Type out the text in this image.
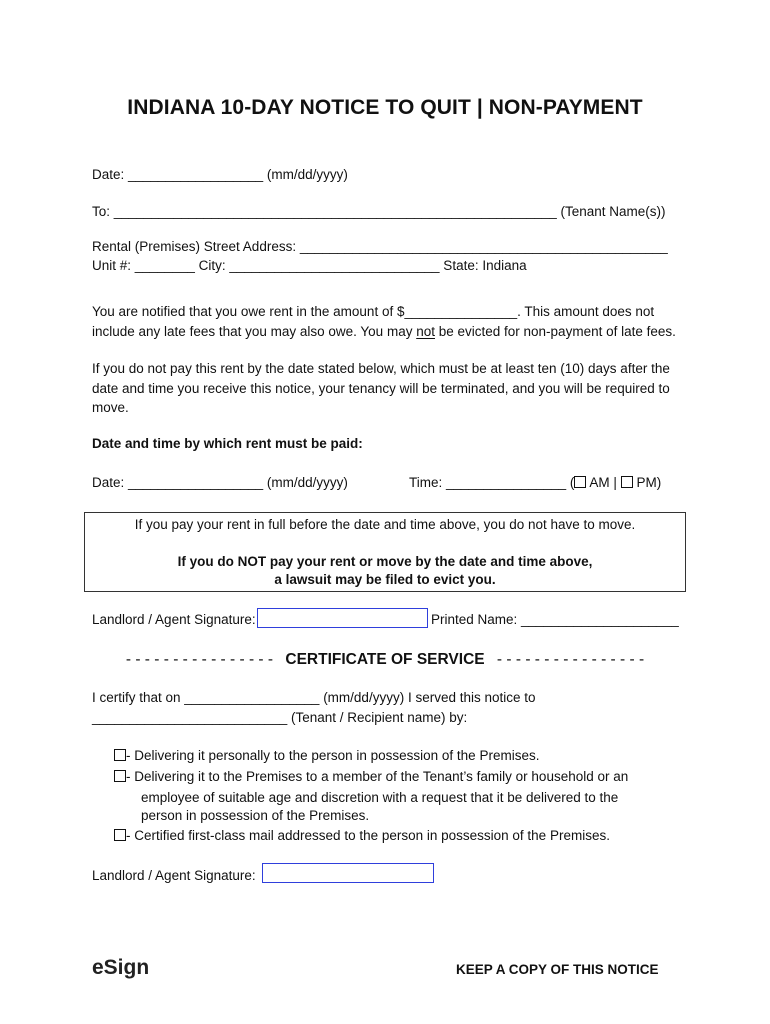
INDIANA 10-DAY NOTICE TO QUIT | NON-PAYMENT
Date: __________________ (mm/dd/yyyy)
To: ___________________________________________________________ (Tenant Name(s))
Rental (Premises) Street Address: _________________________________________________
Unit #: ________ City: ____________________________ State: Indiana
You are notified that you owe rent in the amount of $_______________. This amount does not
include any late fees that you may also owe. You may not be evicted for non-payment of late fees.
If you do not pay this rent by the date stated below, which must be at least ten (10) days after the date and time you receive this notice, your tenancy will be terminated, and you will be required to move.
Date and time by which rent must be paid:
Date: __________________ (mm/dd/yyyy)	Time: ________________ ( AM | PM)
If you pay your rent in full before the date and time above, you do not have to move.
If you do NOT pay your rent or move by the date and time above,
a lawsuit may be filed to evict you.
Landlord / Agent Signature:	Printed Name: _____________________
- - - - - - - - - - - - - - - - CERTIFICATE OF SERVICE - - - - - - - - - - - - - - - -
I certify that on __________________ (mm/dd/yyyy) I served this notice to
__________________________ (Tenant / Recipient name) by:
- Delivering it personally to the person in possession of the Premises.
- Delivering it to the Premises to a member of the Tenant’s family or household or an
employee of suitable age and discretion with a request that it be delivered to the
person in possession of the Premises.
- Certified first-class mail addressed to the person in possession of the Premises.
Landlord / Agent Signature:
eSign	KEEP A COPY OF THIS NOTICE
